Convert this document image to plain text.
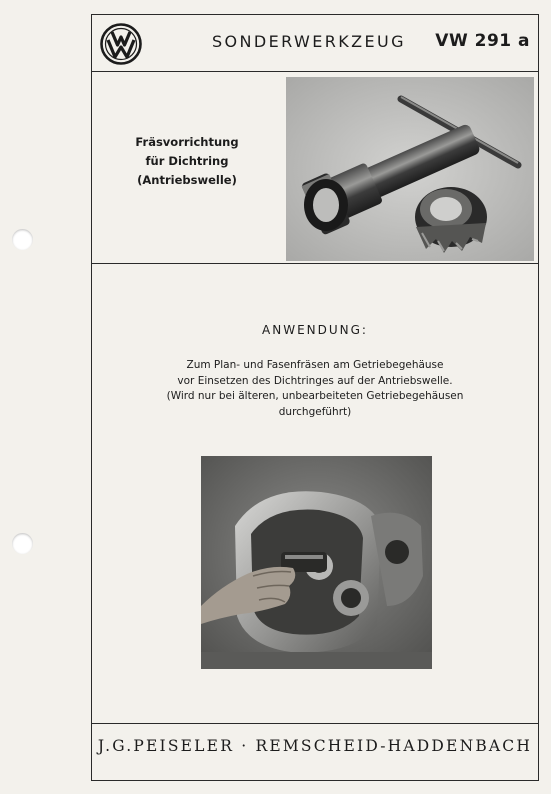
SONDERWERKZEUG VW 291 a
Fräsvorrichtung
für Dichtring
(Antriebswelle)
ANWENDUNG:
Zum Plan- und Fasenfräsen am Getriebegehäuse
vor Einsetzen des Dichtringes auf der Antriebswelle.
(Wird nur bei älteren, unbearbeiteten Getriebegehäusen
durchgeführt)
J.G.PEISELER · REMSCHEID-HADDENBACH
